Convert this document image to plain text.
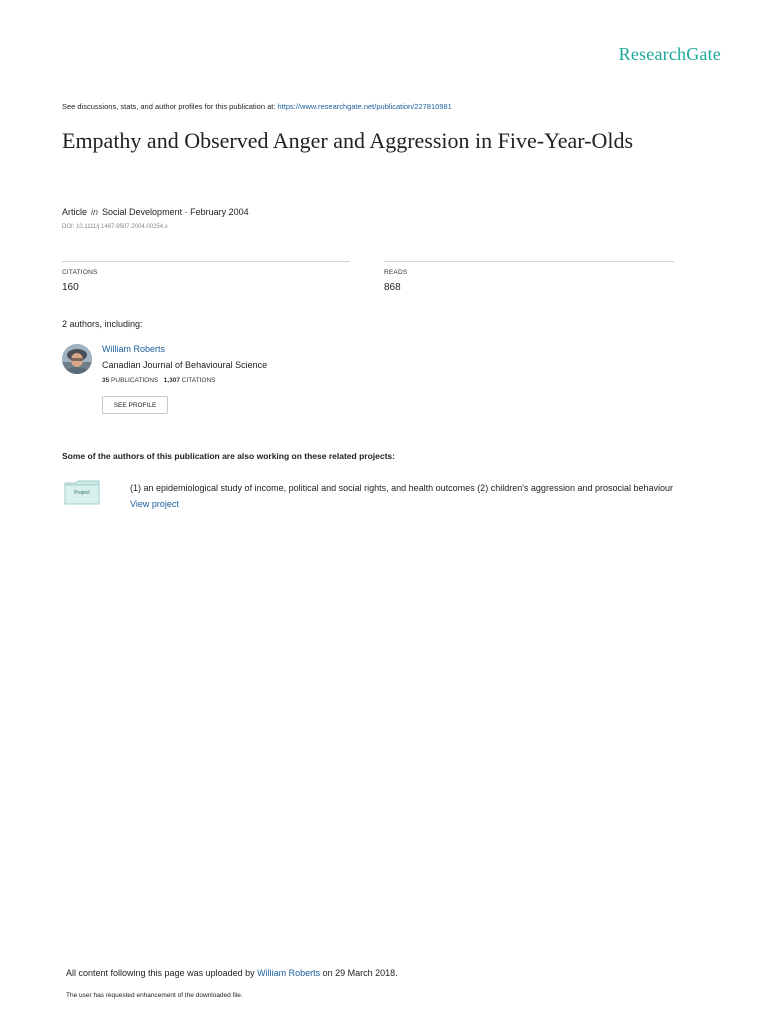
ResearchGate
See discussions, stats, and author profiles for this publication at: https://www.researchgate.net/publication/227810981
Empathy and Observed Anger and Aggression in Five-Year-Olds
Article in Social Development · February 2004
DOI: 10.1111/j.1467-9507.2004.00254.x
CITATIONS
160
READS
868
2 authors, including:
William Roberts
Canadian Journal of Behavioural Science
35 PUBLICATIONS 1,307 CITATIONS
SEE PROFILE
Some of the authors of this publication are also working on these related projects:
Project	(1) an epidemiological study of income, political and social rights, and health outcomes (2) children's aggression and prosocial behaviour View project
All content following this page was uploaded by William Roberts on 29 March 2018.
The user has requested enhancement of the downloaded file.
